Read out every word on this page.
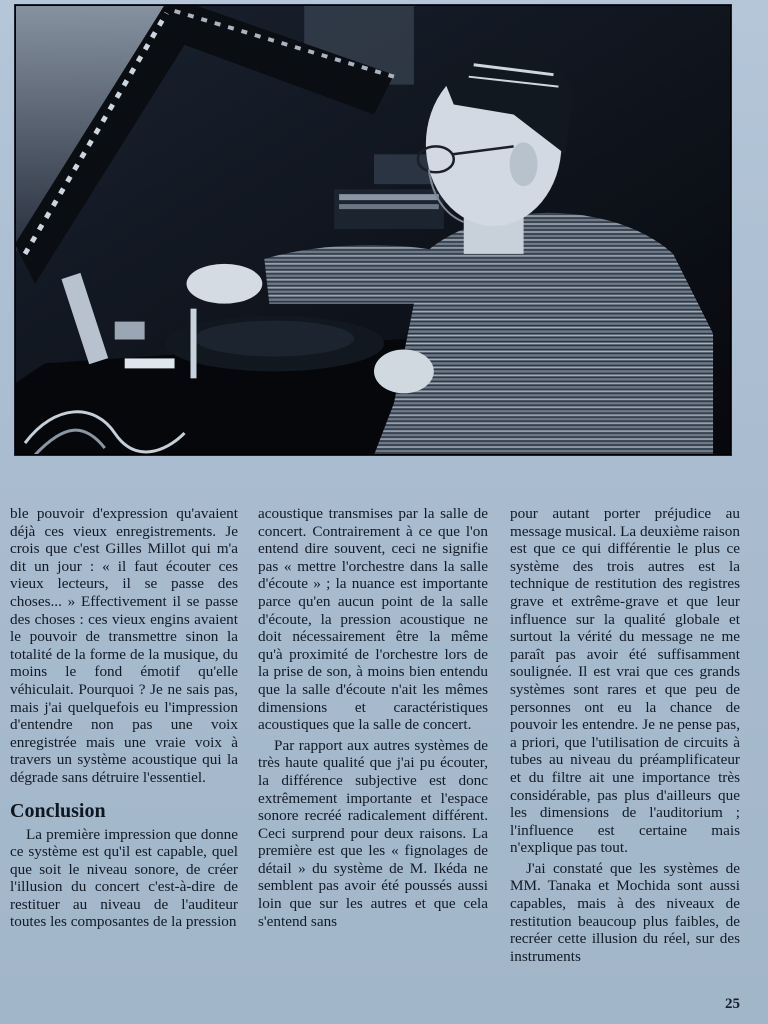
ble pouvoir d'expression qu'avaient déjà ces vieux enregistrements. Je crois que c'est Gilles Millot qui m'a dit un jour : « il faut écouter ces vieux lecteurs, il se passe des choses... » Effectivement il se passe des choses : ces vieux engins avaient le pouvoir de transmettre sinon la totalité de la forme de la musique, du moins le fond émotif qu'elle véhiculait. Pourquoi ? Je ne sais pas, mais j'ai quelquefois eu l'impression d'entendre non pas une voix enregistrée mais une vraie voix à travers un système acoustique qui la dégrade sans détruire l'essentiel.

Conclusion

La première impression que donne ce système est qu'il est capable, quel que soit le niveau sonore, de créer l'illusion du concert c'est-à-dire de restituer au niveau de l'auditeur toutes les composantes de la pression

acoustique transmises par la salle de concert. Contrairement à ce que l'on entend dire souvent, ceci ne signifie pas « mettre l'orchestre dans la salle d'écoute » ; la nuance est importante parce qu'en aucun point de la salle d'écoute, la pression acoustique ne doit nécessairement être la même qu'à proximité de l'orchestre lors de la prise de son, à moins bien entendu que la salle d'écoute n'ait les mêmes dimensions et caractéristiques acoustiques que la salle de concert.

Par rapport aux autres systèmes de très haute qualité que j'ai pu écouter, la différence subjective est donc extrêmement importante et l'espace sonore recréé radicalement différent. Ceci surprend pour deux raisons. La première est que les « fignolages de détail » du système de M. Ikéda ne semblent pas avoir été poussés aussi loin que sur les autres et que cela s'entend sans

pour autant porter préjudice au message musical. La deuxième raison est que ce qui différentie le plus ce système des trois autres est la technique de restitution des registres grave et extrême-grave et que leur influence sur la qualité globale et surtout la vérité du message ne me paraît pas avoir été suffisamment soulignée. Il est vrai que ces grands systèmes sont rares et que peu de personnes ont eu la chance de pouvoir les entendre. Je ne pense pas, a priori, que l'utilisation de circuits à tubes au niveau du préamplificateur et du filtre ait une importance très considérable, pas plus d'ailleurs que les dimensions de l'auditorium ; l'influence est certaine mais n'explique pas tout.

J'ai constaté que les systèmes de MM. Tanaka et Mochida sont aussi capables, mais à des niveaux de restitution beaucoup plus faibles, de recréer cette illusion du réel, sur des instruments

25
